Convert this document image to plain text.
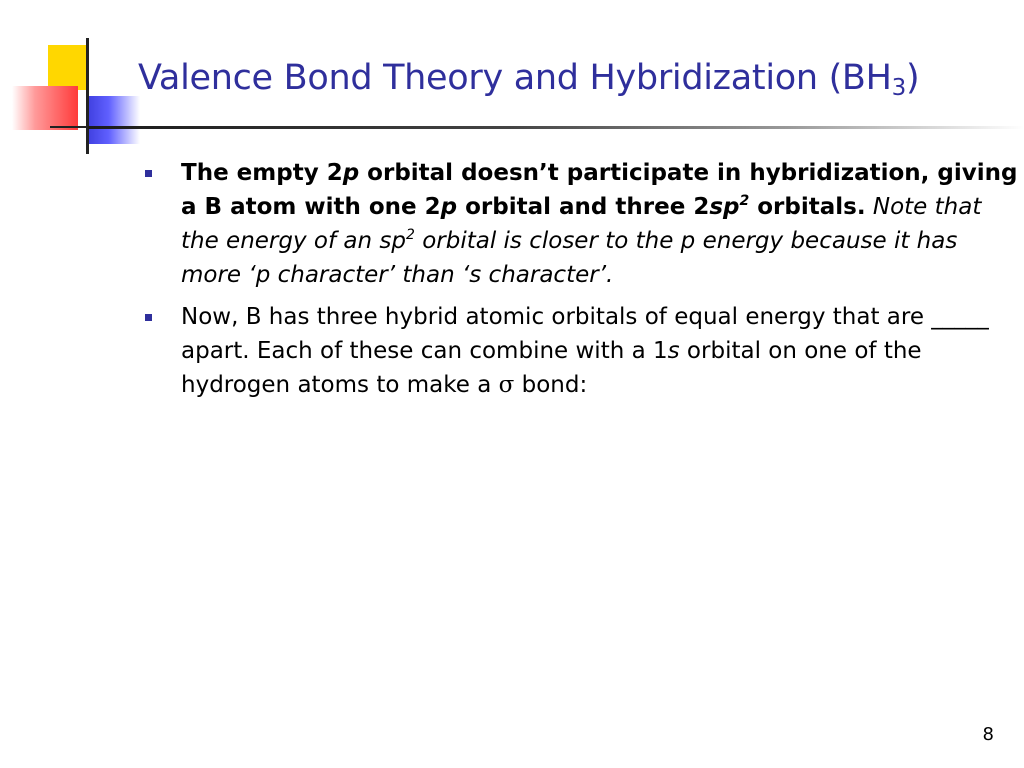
Valence Bond Theory and Hybridization $(BH_3)$
The empty 2p orbital doesn’t participate in hybridization, giving a B atom with one 2p orbital and three $2sp^2$ orbitals. Note that the energy of an $sp^2$ orbital is closer to the p energy because it has more ‘p character’ than ‘s character’.
Now, B has three hybrid atomic orbitals of equal energy that are _____ apart. Each of these can combine with a 1s orbital on one of the hydrogen atoms to make a σ bond:
8
